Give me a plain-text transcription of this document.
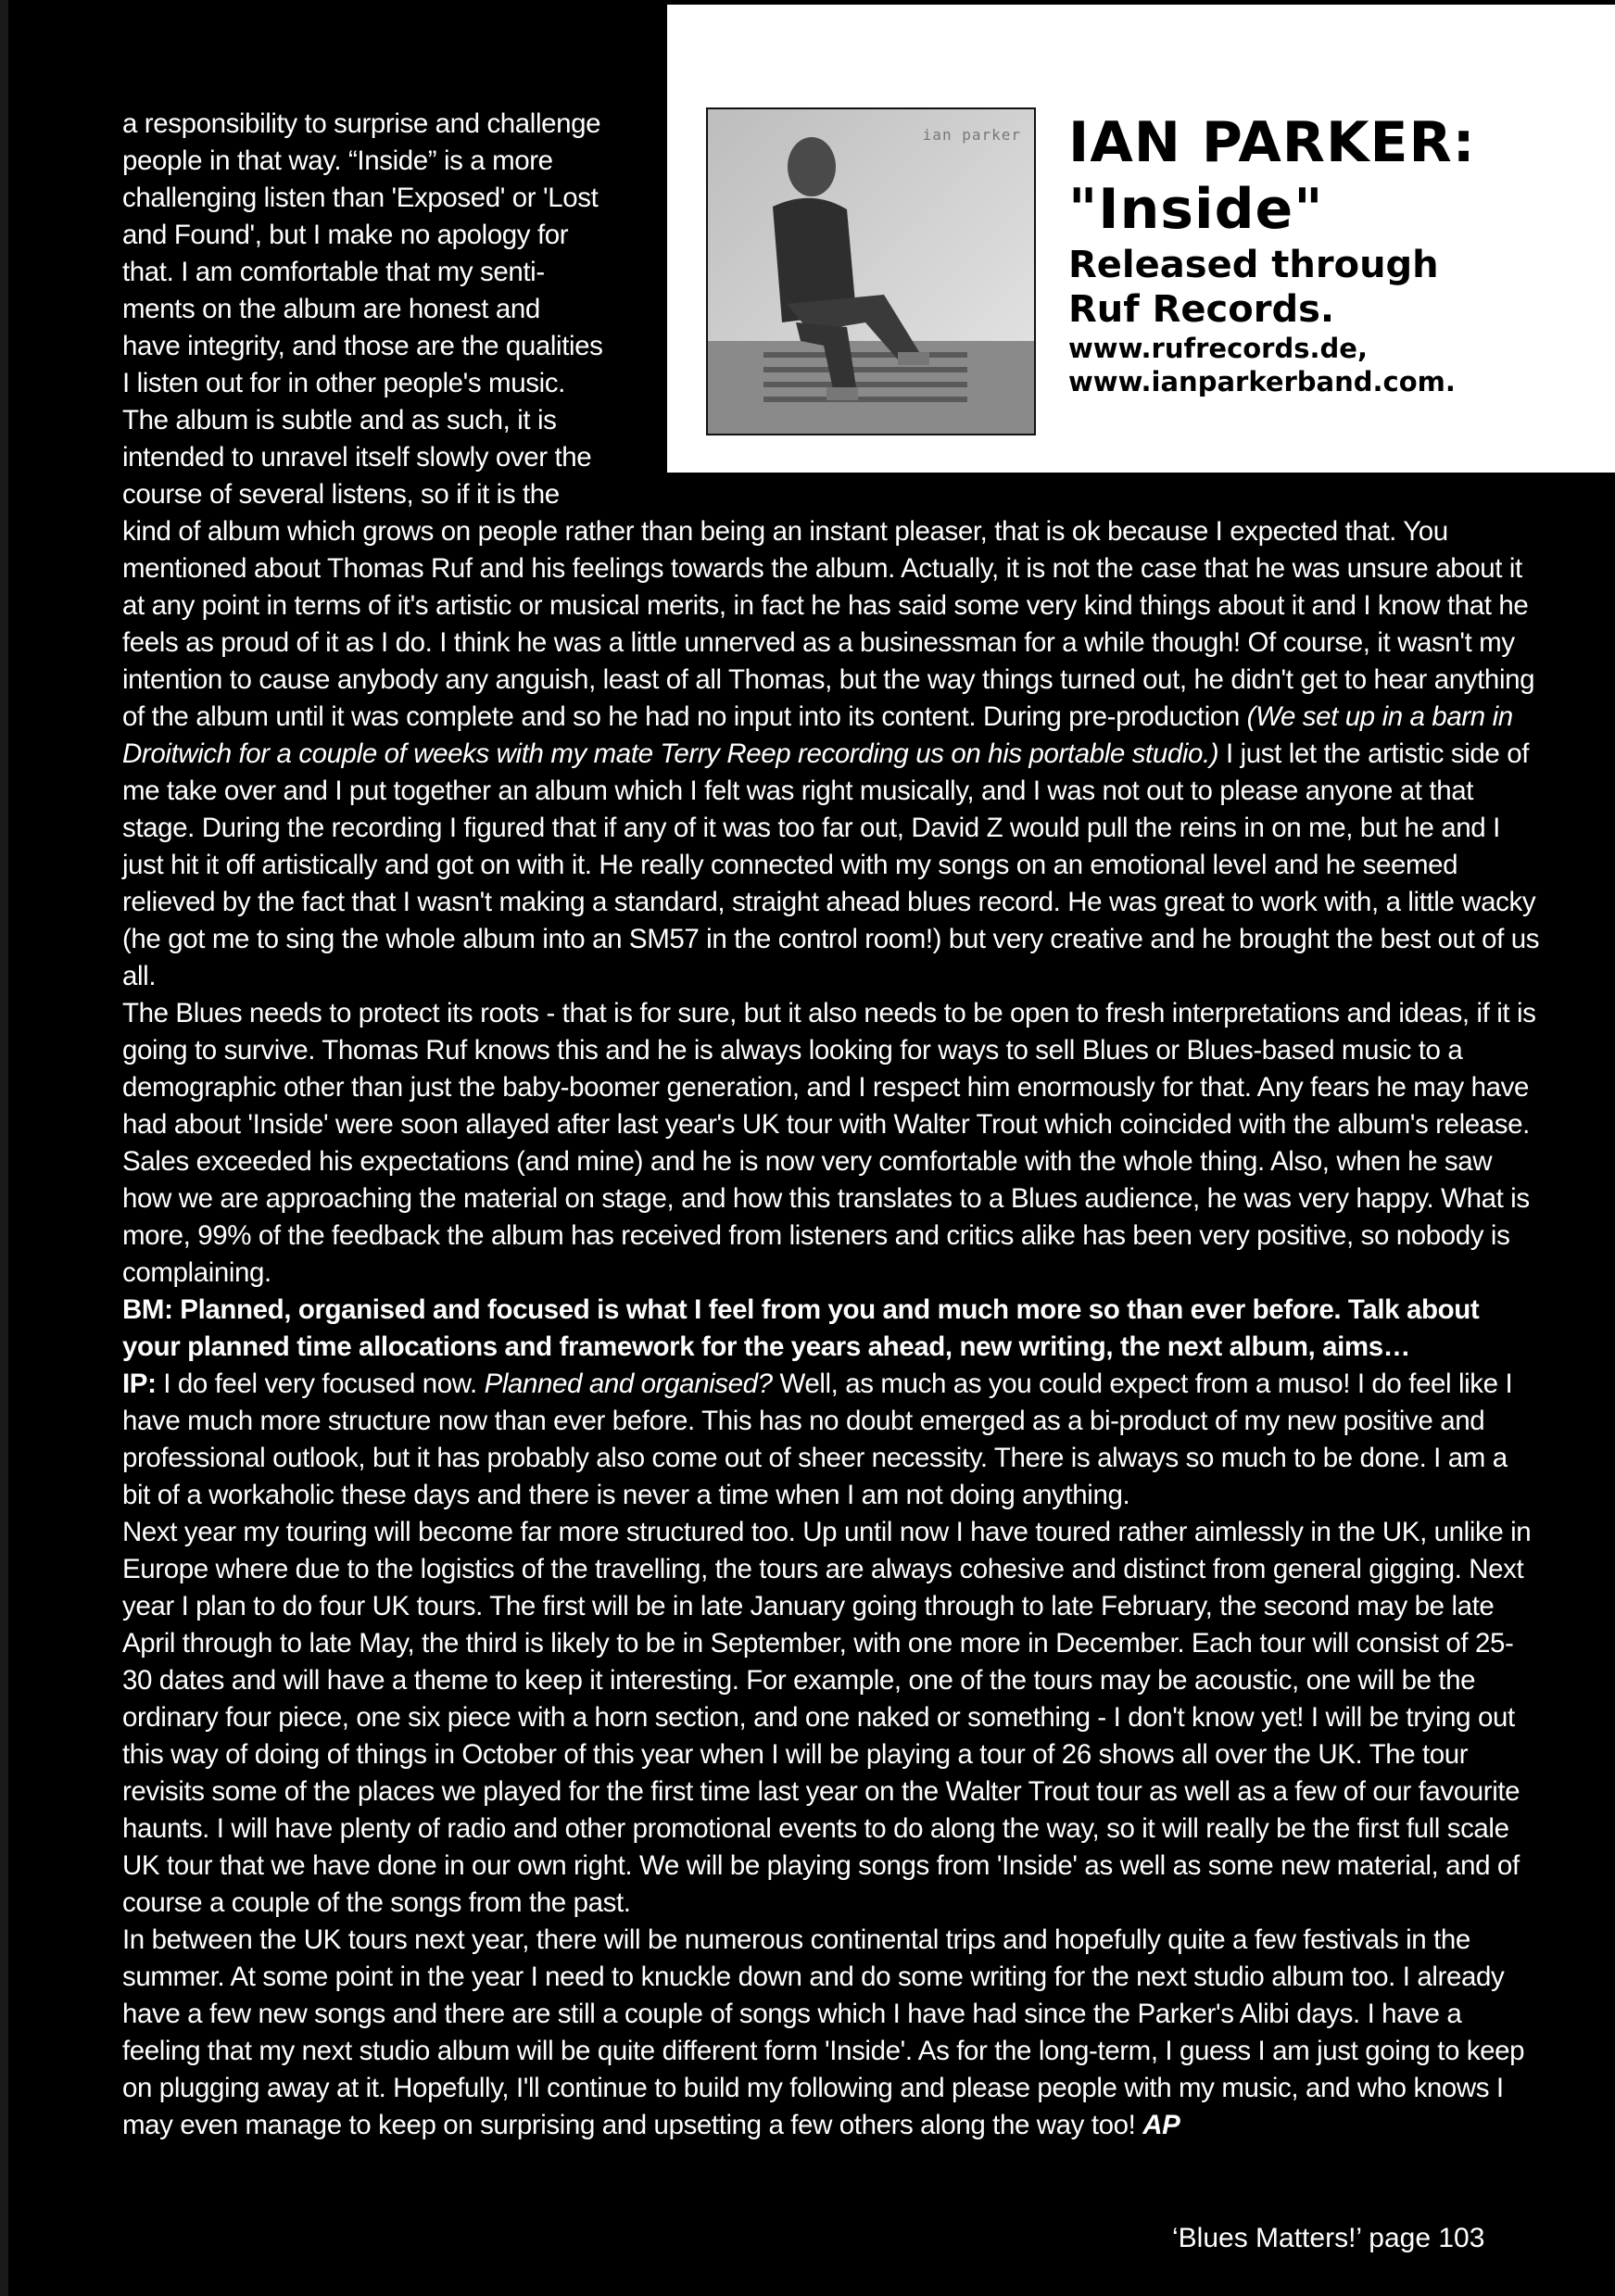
ian parker IAN PARKER:
"Inside"
Released through
Ruf Records.
www.rufrecords.de,
www.ianparkerband.com.
a responsibility to surprise and challenge
people in that way. “Inside” is a more
challenging listen than 'Exposed' or 'Lost
and Found', but I make no apology for
that. I am comfortable that my senti-
ments on the album are honest and
have integrity, and those are the qualities
I listen out for in other people's music.
The album is subtle and as such, it is
intended to unravel itself slowly over the
course of several listens, so if it is the

kind of album which grows on people rather than being an instant pleaser, that is ok because I expected that. You mentioned about Thomas Ruf and his feelings towards the album. Actually, it is not the case that he was unsure about it at any point in terms of it's artistic or musical merits, in fact he has said some very kind things about it and I know that he feels as proud of it as I do. I think he was a little unnerved as a businessman for a while though! Of course, it wasn't my intention to cause anybody any anguish, least of all Thomas, but the way things turned out, he didn't get to hear anything of the album until it was complete and so he had no input into its content. During pre-production (We set up in a barn in Droitwich for a couple of weeks with my mate Terry Reep recording us on his portable studio.) I just let the artistic side of me take over and I put together an album which I felt was right musically, and I was not out to please anyone at that stage. During the recording I figured that if any of it was too far out, David Z would pull the reins in on me, but he and I just hit it off artistically and got on with it. He really connected with my songs on an emotional level and he seemed relieved by the fact that I wasn't making a standard, straight ahead blues record. He was great to work with, a little wacky (he got me to sing the whole album into an SM57 in the control room!) but very creative and he brought the best out of us all.

The Blues needs to protect its roots - that is for sure, but it also needs to be open to fresh interpretations and ideas, if it is going to survive. Thomas Ruf knows this and he is always looking for ways to sell Blues or Blues-based music to a demographic other than just the baby-boomer generation, and I respect him enormously for that. Any fears he may have had about 'Inside' were soon allayed after last year's UK tour with Walter Trout which coincided with the album's release. Sales exceeded his expectations (and mine) and he is now very comfortable with the whole thing. Also, when he saw how we are approaching the material on stage, and how this translates to a Blues audience, he was very happy. What is more, 99% of the feedback the album has received from listeners and critics alike has been very positive, so nobody is complaining.

BM: Planned, organised and focused is what I feel from you and much more so than ever before. Talk about your planned time allocations and framework for the years ahead, new writing, the next album, aims…

IP: I do feel very focused now. Planned and organised? Well, as much as you could expect from a muso! I do feel like I have much more structure now than ever before. This has no doubt emerged as a bi-product of my new positive and professional outlook, but it has probably also come out of sheer necessity. There is always so much to be done. I am a bit of a workaholic these days and there is never a time when I am not doing anything.

Next year my touring will become far more structured too. Up until now I have toured rather aimlessly in the UK, unlike in Europe where due to the logistics of the travelling, the tours are always cohesive and distinct from general gigging. Next year I plan to do four UK tours. The first will be in late January going through to late February, the second may be late April through to late May, the third is likely to be in September, with one more in December. Each tour will consist of 25-30 dates and will have a theme to keep it interesting. For example, one of the tours may be acoustic, one will be the ordinary four piece, one six piece with a horn section, and one naked or something - I don't know yet! I will be trying out this way of doing of things in October of this year when I will be playing a tour of 26 shows all over the UK. The tour revisits some of the places we played for the first time last year on the Walter Trout tour as well as a few of our favourite haunts. I will have plenty of radio and other promotional events to do along the way, so it will really be the first full scale UK tour that we have done in our own right. We will be playing songs from 'Inside' as well as some new material, and of course a couple of the songs from the past.

In between the UK tours next year, there will be numerous continental trips and hopefully quite a few festivals in the summer. At some point in the year I need to knuckle down and do some writing for the next studio album too. I already have a few new songs and there are still a couple of songs which I have had since the Parker's Alibi days. I have a feeling that my next studio album will be quite different form 'Inside'. As for the long-term, I guess I am just going to keep on plugging away at it. Hopefully, I'll continue to build my following and please people with my music, and who knows I may even manage to keep on surprising and upsetting a few others along the way too! AP

‘Blues Matters!’ page 103
